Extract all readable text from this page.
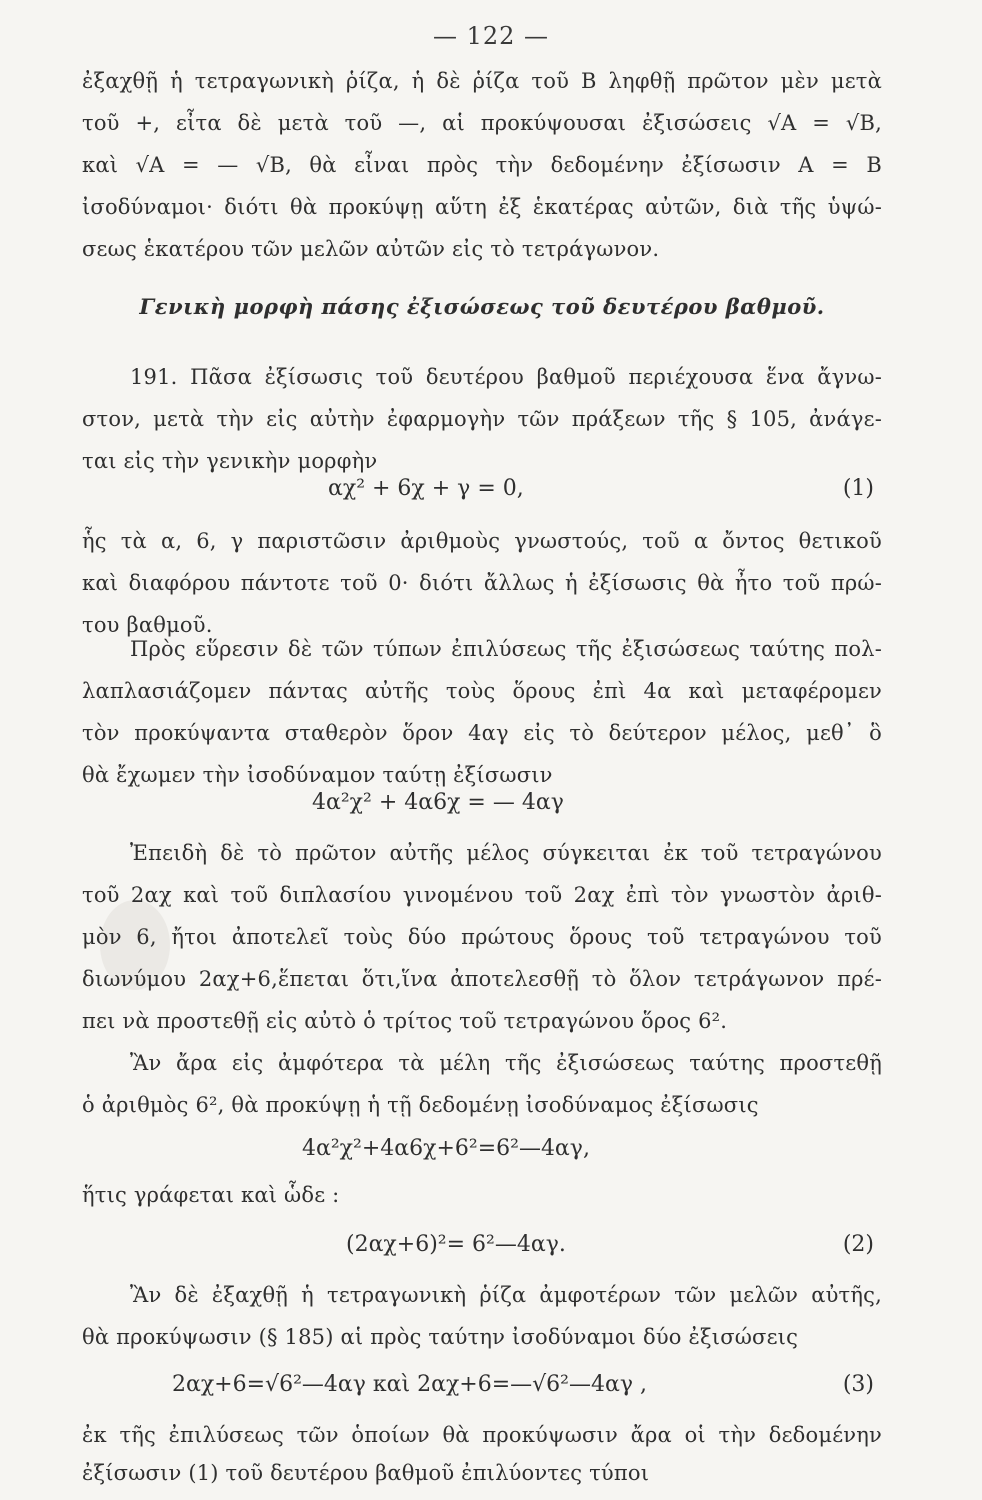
— 122 —
ἐξαχθῇ ἡ τετραγωνικὴ ῥίζα, ἡ δὲ ῥίζα τοῦ Β ληφθῇ πρῶτον μὲν μετὰ
τοῦ +, εἶτα δὲ μετὰ τοῦ —, αἱ προκύψουσαι ἐξισώσεις √Α = √Β,
καὶ √Α = — √Β, θὰ εἶναι πρὸς τὴν δεδομένην ἐξίσωσιν Α = Β
ἰσοδύναμοι· διότι θὰ προκύψῃ αὕτη ἐξ ἑκατέρας αὐτῶν, διὰ τῆς ὑψώ-
σεως ἑκατέρου τῶν μελῶν αὐτῶν εἰς τὸ τετράγωνον.
Γενικὴ μορφὴ πάσης ἐξισώσεως τοῦ δευτέρου βαθμοῦ.
191. Πᾶσα ἐξίσωσις τοῦ δευτέρου βαθμοῦ περιέχουσα ἕνα ἄγνω-
στον, μετὰ τὴν εἰς αὐτὴν ἐφαρμογὴν τῶν πράξεων τῆς § 105, ἀνάγε-
ται εἰς τὴν γενικὴν μορφὴν
αχ² + 6χ + γ = 0,	(1)
ἧς τὰ α, 6, γ παριστῶσιν ἀριθμοὺς γνωστούς, τοῦ α ὄντος θετικοῦ
καὶ διαφόρου πάντοτε τοῦ 0· διότι ἄλλως ἡ ἐξίσωσις θὰ ἦτο τοῦ πρώ-
του βαθμοῦ.
Πρὸς εὕρεσιν δὲ τῶν τύπων ἐπιλύσεως τῆς ἐξισώσεως ταύτης πολ-
λαπλασιάζομεν πάντας αὐτῆς τοὺς ὅρους ἐπὶ 4α καὶ μεταφέρομεν
τὸν προκύψαντα σταθερὸν ὅρον 4αγ εἰς τὸ δεύτερον μέλος, μεθ᾽ ὃ
θὰ ἔχωμεν τὴν ἰσοδύναμον ταύτῃ ἐξίσωσιν
4α²χ² + 4α6χ = — 4αγ
Ἐπειδὴ δὲ τὸ πρῶτον αὐτῆς μέλος σύγκειται ἐκ τοῦ τετραγώνου
τοῦ 2αχ καὶ τοῦ διπλασίου γινομένου τοῦ 2αχ ἐπὶ τὸν γνωστὸν ἀριθ-
μὸν 6, ἤτοι ἀποτελεῖ τοὺς δύο πρώτους ὅρους τοῦ τετραγώνου τοῦ
διωνύμου 2αχ+6,ἕπεται ὅτι,ἵνα ἀποτελεσθῇ τὸ ὅλον τετράγωνον πρέ-
πει νὰ προστεθῇ εἰς αὐτὸ ὁ τρίτος τοῦ τετραγώνου ὅρος 6².
Ἂν ἄρα εἰς ἀμφότερα τὰ μέλη τῆς ἐξισώσεως ταύτης προστεθῇ
ὁ ἀριθμὸς 6², θὰ προκύψῃ ἡ τῇ δεδομένῃ ἰσοδύναμος ἐξίσωσις
4α²χ²+4α6χ+6²=6²—4αγ,
ἥτις γράφεται καὶ ὧδε :
(2αχ+6)²= 6²—4αγ.	(2)
Ἂν δὲ ἐξαχθῇ ἡ τετραγωνικὴ ῥίζα ἀμφοτέρων τῶν μελῶν αὐτῆς,
θὰ προκύψωσιν (§ 185) αἱ πρὸς ταύτην ἰσοδύναμοι δύο ἐξισώσεις
2αχ+6=√6²—4αγ καὶ 2αχ+6=—√6²—4αγ ,	(3)
ἐκ τῆς ἐπιλύσεως τῶν ὁποίων θὰ προκύψωσιν ἄρα οἱ τὴν δεδομένην
ἐξίσωσιν (1) τοῦ δευτέρου βαθμοῦ ἐπιλύοντες τύποι
